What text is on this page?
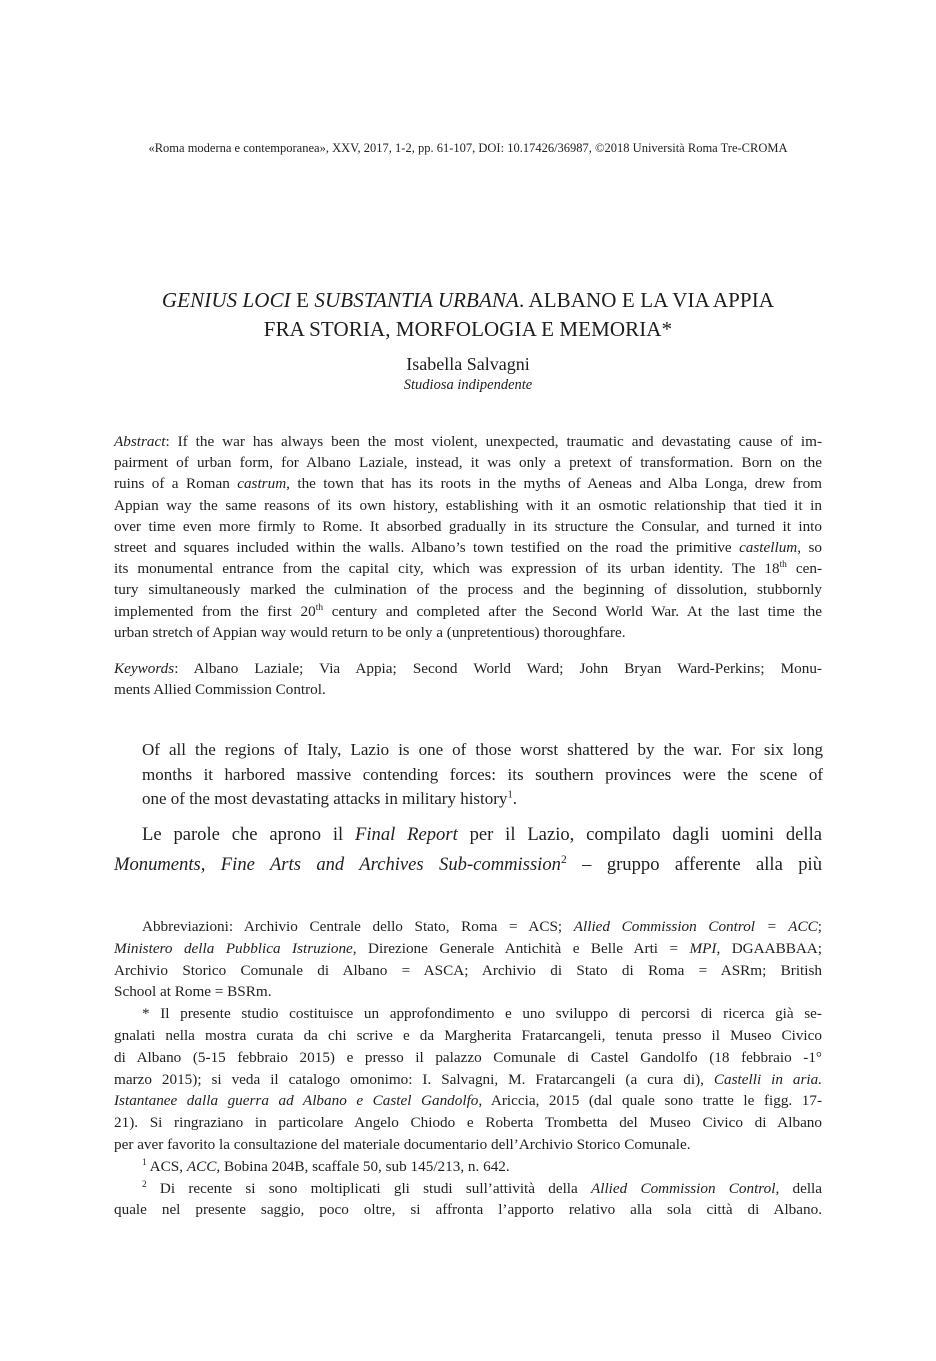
«Roma moderna e contemporanea», XXV, 2017, 1-2, pp. 61-107, DOI: 10.17426/36987, ©2018 Università Roma Tre-CROMA
GENIUS LOCI E SUBSTANTIA URBANA. ALBANO E LA VIA APPIA
FRA STORIA, MORFOLOGIA E MEMORIA*
Isabella Salvagni
Studiosa indipendente
Abstract: If the war has always been the most violent, unexpected, traumatic and devastating cause of im-
pairment of urban form, for Albano Laziale, instead, it was only a pretext of transformation. Born on the
ruins of a Roman castrum, the town that has its roots in the myths of Aeneas and Alba Longa, drew from
Appian way the same reasons of its own history, establishing with it an osmotic relationship that tied it in
over time even more firmly to Rome. It absorbed gradually in its structure the Consular, and turned it into
street and squares included within the walls. Albano’s town testified on the road the primitive castellum, so
its monumental entrance from the capital city, which was expression of its urban identity. The 18th cen-
tury simultaneously marked the culmination of the process and the beginning of dissolution, stubbornly
implemented from the first 20th century and completed after the Second World War. At the last time the
urban stretch of Appian way would return to be only a (unpretentious) thoroughfare.
Keywords: Albano Laziale; Via Appia; Second World Ward; John Bryan Ward-Perkins; Monu-
ments Allied Commission Control.
Of all the regions of Italy, Lazio is one of those worst shattered by the war. For six long
months it harbored massive contending forces: its southern provinces were the scene of
one of the most devastating attacks in military history$^1$.
Le parole che aprono il Final Report per il Lazio, compilato dagli uomini della
Monuments, Fine Arts and Archives Sub-commission$^2$ – gruppo afferente alla più
Abbreviazioni: Archivio Centrale dello Stato, Roma = ACS; Allied Commission Control = ACC;
Ministero della Pubblica Istruzione, Direzione Generale Antichità e Belle Arti = MPI, DGAABBAA;
Archivio Storico Comunale di Albano = ASCA; Archivio di Stato di Roma = ASRm; British
School at Rome = BSRm.
* Il presente studio costituisce un approfondimento e uno sviluppo di percorsi di ricerca già se-
gnalati nella mostra curata da chi scrive e da Margherita Fratarcangeli, tenuta presso il Museo Civico
di Albano (5-15 febbraio 2015) e presso il palazzo Comunale di Castel Gandolfo (18 febbraio -1°
marzo 2015); si veda il catalogo omonimo: I. Salvagni, M. Fratarcangeli (a cura di), Castelli in aria.
Istantanee dalla guerra ad Albano e Castel Gandolfo, Ariccia, 2015 (dal quale sono tratte le figg. 17-
21). Si ringraziano in particolare Angelo Chiodo e Roberta Trombetta del Museo Civico di Albano
per aver favorito la consultazione del materiale documentario dell’Archivio Storico Comunale.
$^1$ ACS, ACC, Bobina 204B, scaffale 50, sub 145/213, n. 642.
$^2$ Di recente si sono moltiplicati gli studi sull’attività della Allied Commission Control, della
quale nel presente saggio, poco oltre, si affronta l’apporto relativo alla sola città di Albano.
